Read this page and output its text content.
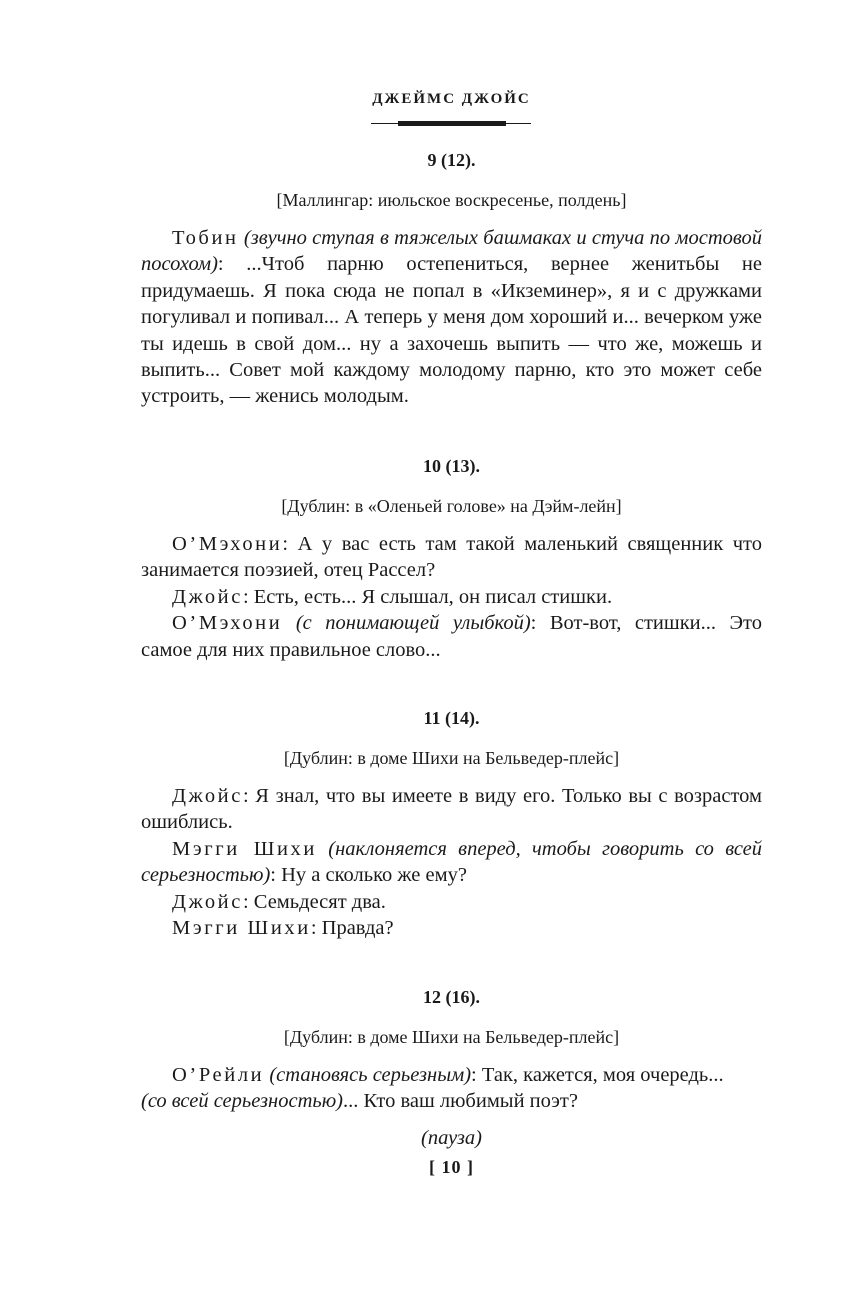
ДЖЕЙМС ДЖОЙС
9 (12).
[Маллингар: июльское воскресенье, полдень]

Тобин (звучно ступая в тяжелых башмаках и стуча по мостовой посохом): ...Чтоб парню остепениться, вернее женитьбы не придумаешь. Я пока сюда не попал в «Икземинер», я и с дружками погуливал и попивал... А теперь у меня дом хороший и... вечерком уже ты идешь в свой дом... ну а захочешь выпить — что же, можешь и выпить... Совет мой каждому молодому парню, кто это может себе устроить, — женись молодым.

10 (13).
[Дублин: в «Оленьей голове» на Дэйм-лейн]

О’Мэхони: А у вас есть там такой маленький священник что занимается поэзией, отец Рассел?

Джойс: Есть, есть... Я слышал, он писал стишки.

О’Мэхони (с понимающей улыбкой): Вот-вот, стишки... Это самое для них правильное слово...

11 (14).
[Дублин: в доме Шихи на Бельведер-плейс]

Джойс: Я знал, что вы имеете в виду его. Только вы с возрастом ошиблись.

Мэгги Шихи (наклоняется вперед, чтобы говорить со всей серьезностью): Ну а сколько же ему?

Джойс: Семьдесят два.

Мэгги Шихи: Правда?

12 (16).
[Дублин: в доме Шихи на Бельведер-плейс]

О’Рейли (становясь серьезным): Так, кажется, моя очередь...
(со всей серьезностью)... Кто ваш любимый поэт?

(пауза)
[ 10 ]
